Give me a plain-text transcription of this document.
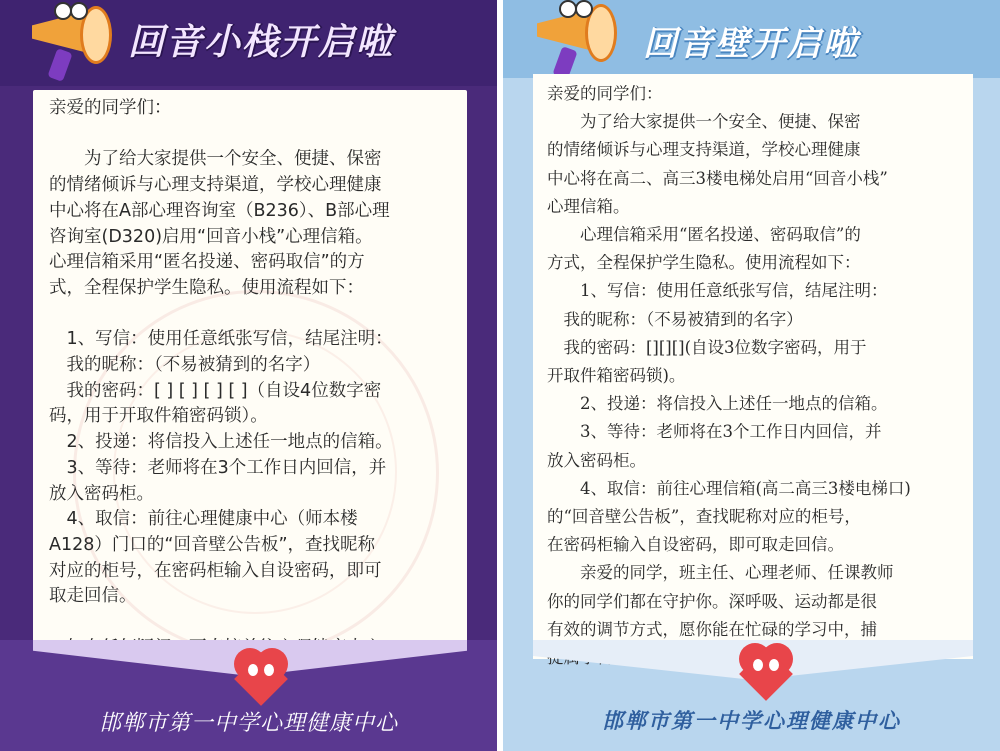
回音小栈开启啦

亲爱的同学们：

　　为了给大家提供一个安全、便捷、保密

的情绪倾诉与心理支持渠道，学校心理健康

中心将在A部心理咨询室（B236）、B部心理

咨询室(D320)启用“回音小栈”心理信箱。

心理信箱采用“匿名投递、密码取信”的方

式，全程保护学生隐私。使用流程如下：

　1、写信：使用任意纸张写信，结尾注明：

　我的昵称：（不易被猜到的名字）

　我的密码：[ ] [ ] [ ] [ ]（自设4位数字密

码，用于开取件箱密码锁）。

　2、投递：将信投入上述任一地点的信箱。

　3、等待：老师将在3个工作日内回信，并

放入密码柜。

　4、取信：前往心理健康中心（师本楼

A128）门口的“回音壁公告板”，查找昵称

对应的柜号，在密码柜输入自设密码，即可

取走回信。

邯郸市第一中学心理健康中心
回音壁开启啦

亲爱的同学们：

　　为了给大家提供一个安全、便捷、保密

的情绪倾诉与心理支持渠道，学校心理健康

中心将在高二、高三3楼电梯处启用“回音小栈”

心理信箱。

　　心理信箱采用“匿名投递、密码取信”的

方式，全程保护学生隐私。使用流程如下：

　　1、写信：使用任意纸张写信，结尾注明：

　我的昵称：（不易被猜到的名字）

　我的密码：[][][](自设3位数字密码，用于

开取件箱密码锁)。

　　2、投递：将信投入上述任一地点的信箱。

　　3、等待：老师将在3个工作日内回信，并

放入密码柜。

　　4、取信：前往心理信箱(高二高三3楼电梯口)

的“回音壁公告板”，查找昵称对应的柜号，

在密码柜输入自设密码，即可取走回信。

　　亲爱的同学，班主任、心理老师、任课教师

你的同学们都在守护你。深呼吸、运动都是很

有效的调节方式，愿你能在忙碌的学习中，捕

邯郸市第一中学心理健康中心
